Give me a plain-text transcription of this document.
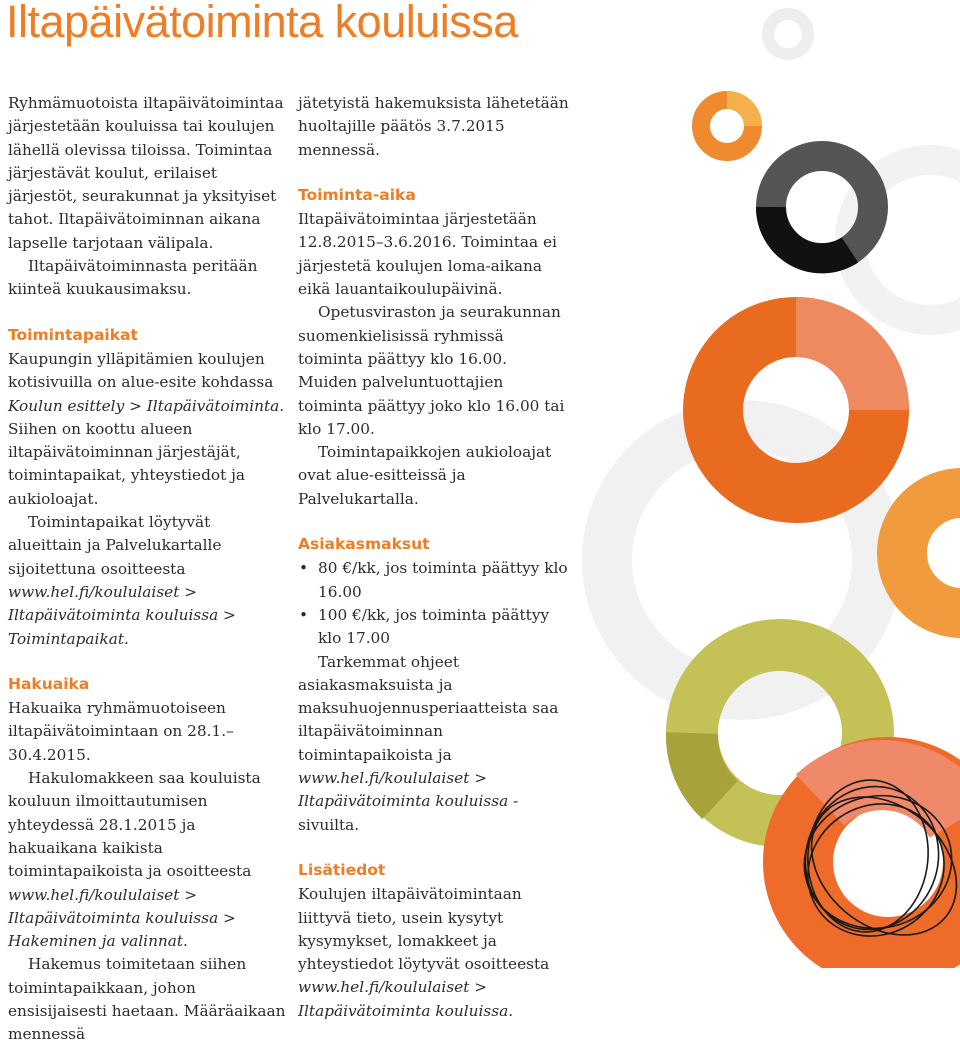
Iltapäivätoiminta kouluissa

Ryhmämuotoista iltapäivätoimintaa järjestetään kouluissa tai koulujen lähellä olevissa tiloissa. Toimintaa järjestävät koulut, erilaiset järjestöt, seurakunnat ja yksityiset tahot. Iltapäivätoiminnan aikana lapselle tarjotaan välipala.

Iltapäivätoiminnasta peritään kiinteä kuukausimaksu.

Toimintapaikat

Kaupungin ylläpitämien koulujen kotisivuilla on alue-esite kohdassa Koulun esittely > Iltapäivätoiminta. Siihen on koottu alueen iltapäivätoiminnan järjestäjät, toimintapaikat, yhteystiedot ja aukioloajat.

Toimintapaikat löytyvät alueittain ja Palvelukartalle sijoitettuna osoitteesta www.hel.fi/koululaiset > Iltapäivätoiminta kouluissa > Toimintapaikat.

Hakuaika

Hakuaika ryhmämuotoiseen iltapäivätoimintaan on 28.1.–30.4.2015.

Hakulomakkeen saa kouluista kouluun ilmoittautumisen yhteydessä 28.1.2015 ja hakuaikana kaikista toimintapaikoista ja osoitteesta www.hel.fi/koululaiset > Iltapäivätoiminta kouluissa > Hakeminen ja valinnat.

Hakemus toimitetaan siihen toimintapaikkaan, johon ensisijaisesti haetaan. Määräaikaan mennessä

jätetyistä hakemuksista lähetetään huoltajille päätös 3.7.2015 mennessä.

Toiminta-aika

Iltapäivätoimintaa järjestetään 12.8.2015–3.6.2016. Toimintaa ei järjestetä koulujen loma-aikana eikä lauantaikoulupäivinä.

Opetusviraston ja seurakunnan suomenkielisissä ryhmissä toiminta päättyy klo 16.00. Muiden palveluntuottajien toiminta päättyy joko klo 16.00 tai klo 17.00.

Toimintapaikkojen aukioloajat ovat alue-esitteissä ja Palvelukartalla.

Asiakasmaksut
• 80 €/kk, jos toiminta päättyy klo 16.00
• 100 €/kk, jos toiminta päättyy klo 17.00

Tarkemmat ohjeet asiakasmaksuista ja maksuhuojennusperiaatteista saa iltapäivätoiminnan toimintapaikoista ja www.hel.fi/koululaiset > Iltapäivätoiminta kouluissa -sivuilta.

Lisätiedot

Koulujen iltapäivätoimintaan liittyvä tieto, usein kysytyt kysymykset, lomakkeet ja yhteystiedot löytyvät osoitteesta www.hel.fi/koululaiset > Iltapäivätoiminta kouluissa.
